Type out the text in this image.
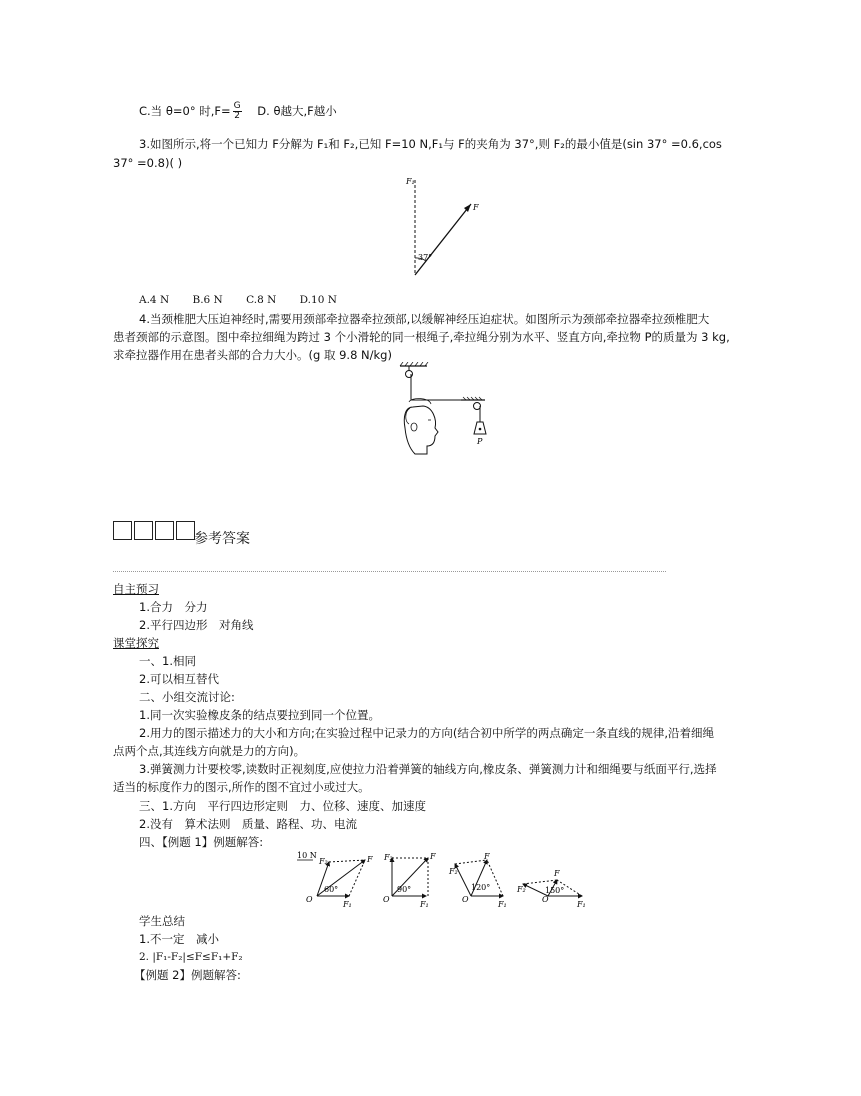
C.当 θ=0° 时$,F= \frac{G}{2} D$. θ越大,F越小
3.如图所示,将一个已知力 F分解为 F₁和 F₂,已知 F=10 N,F₁与 F的夹角为 37°,则 F₂的最小值是(sin 37° =0.6,cos
37° =0.8)( )
F₁
F
37°
A.4 N B.6 N C.8 N D.10 N
4.当颈椎肥大压迫神经时,需要用颈部牵拉器牵拉颈部,以缓解神经压迫症状。如图所示为颈部牵拉器牵拉颈椎肥大
患者颈部的示意图。图中牵拉细绳为跨过 3 个小滑轮的同一根绳子,牵拉绳分别为水平、竖直方向,牵拉物 P的质量为 3 kg,
求牵拉器作用在患者头部的合力大小。(g 取 9.8 N/kg)
P
参考答案
自主预习
1.合力　分力
2.平行四边形　对角线
课堂探究
一、1.相同
2.可以相互替代
二、小组交流讨论:
1.同一次实验橡皮条的结点要拉到同一个位置。
2.用力的图示描述力的大小和方向;在实验过程中记录力的方向(结合初中所学的两点确定一条直线的规律,沿着细绳
点两个点,其连线方向就是力的方向)。
3.弹簧测力计要校零,读数时正视刻度,应使拉力沿着弹簧的轴线方向,橡皮条、弹簧测力计和细绳要与纸面平行,选择
适当的标度作力的图示,所作的图不宜过小或过大。
三、1.方向　平行四边形定则　力、位移、速度、加速度
2.没有　算术法则　质量、路程、功、电流
四、【例题 1】例题解答:
10 N
O
F₁
F₂	F
60°
O
F₁
F₂	F
90°
O
F₁
F₂
F
120°
O
F₁
F₂
F
150°
学生总结
1.不一定　减小
2. |F₁-F₂|≤F≤F₁+F₂
【例题 2】例题解答:
